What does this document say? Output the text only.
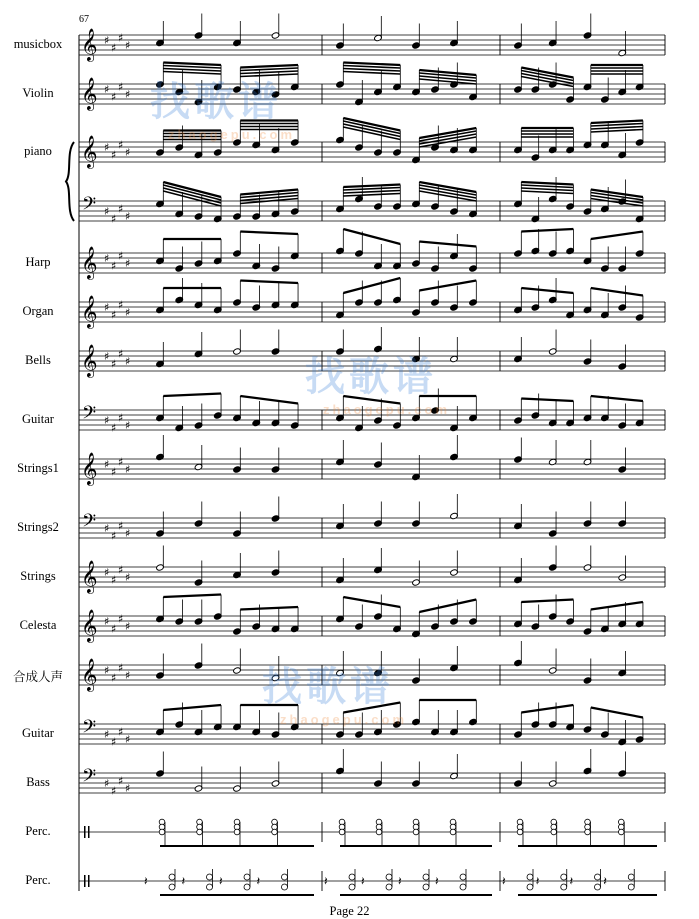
𝄞 ♯
♯
♯
♯
𝄞 ♯
♯
♯
♯
𝄞 ♯
♯
♯
♯
𝄢 ♯
♯
♯
♯
𝄞 ♯
♯
♯
♯
𝄞 ♯
♯
♯
♯
𝄞 ♯
♯
♯
♯
𝄢 ♯
♯
♯
♯
𝄞 ♯
♯
♯
♯
𝄢 ♯
♯
♯
♯
𝄞 ♯
♯
♯
♯
𝄞 ♯
♯
♯
♯
𝄞 ♯
♯
♯
♯
𝄢 ♯
♯
♯
♯
𝄢 ♯
♯
♯
♯
𝄽	𝄽	𝄽	𝄽	𝄽	𝄽	𝄽	𝄽	𝄽	𝄽	𝄽	𝄽
67
musicbox
Violin
piano
Harp
Organ
Bells
Guitar
Strings1
Strings2
Strings
Celesta
合成人声
Guitar
Bass
Perc.
Perc.
Page 22
找歌谱
zhaogepu.com
找歌谱
zhaogepu.com
找歌谱
zhaogepu.com
